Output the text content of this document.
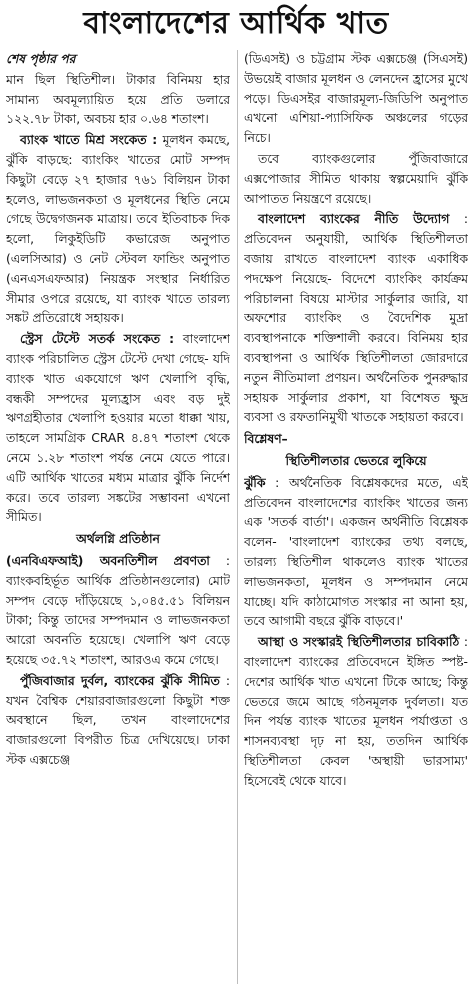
বাংলাদেশের আর্থিক খাত

শেষ পৃষ্ঠার পর

মান ছিল স্থিতিশীল। টাকার বিনিময় হার সামান্য অবমূল্যায়িত হয়ে প্রতি ডলারে ১২২.৭৮ টাকা, অবচয় হার ০.৬৪ শতাংশ।

ব্যাংক খাতে মিশ্র সংকেত : মূলধন কমছে, ঝুঁকি বাড়ছে: ব্যাংকিং খাতের মোট সম্পদ কিছুটা বেড়ে ২৭ হাজার ৭৬১ বিলিয়ন টাকা হলেও, লাভজনকতা ও মূলধনের স্থিতি নেমে গেছে উদ্বেগজনক মাত্রায়। তবে ইতিবাচক দিক হলো, লিকুইডিটি কভারেজ অনুপাত (এলসিআর) ও নেট স্টেবল ফান্ডিং অনুপাত (এনএসএফআর) নিয়ন্ত্রক সংস্থার নির্ধারিত সীমার ওপরে রয়েছে, যা ব্যাংক খাতে তারল্য সঙ্কট প্রতিরোধে সহায়ক।

স্ট্রেস টেস্টে সতর্ক সংকেত : বাংলাদেশ ব্যাংক পরিচালিত স্ট্রেস টেস্টে দেখা গেছে- যদি ব্যাংক খাত একযোগে ঋণ খেলাপি বৃদ্ধি, বন্ধকী সম্পদের মূল্যহ্রাস এবং বড় দুই ঋণগ্রহীতার খেলাপি হওয়ার মতো ধাক্কা খায়, তাহলে সামগ্রিক CRAR ৪.৪৭ শতাংশ থেকে নেমে ১.২৮ শতাংশ পর্যন্ত নেমে যেতে পারে। এটি আর্থিক খাতের মধ্যম মাত্রার ঝুঁকি নির্দেশ করে। তবে তারল্য সঙ্কটের সম্ভাবনা এখনো সীমিত।

অর্থলগ্নি প্রতিষ্ঠান

(এনবিএফআই) অবনতিশীল প্রবণতা : ব্যাংকবহির্ভূত আর্থিক প্রতিষ্ঠানগুলোর) মোট সম্পদ বেড়ে দাঁড়িয়েছে ১,০৪৫.৫১ বিলিয়ন টাকা; কিন্তু তাদের সম্পদমান ও লাভজনকতা আরো অবনতি হয়েছে। খেলাপি ঋণ বেড়ে হয়েছে ৩৫.৭২ শতাংশ, আরওএ কমে গেছে।

পুঁজিবাজার দুর্বল, ব্যাংকের ঝুঁকি সীমিত : যখন বৈশ্বিক শেয়ারবাজারগুলো কিছুটা শক্ত অবস্থানে ছিল, তখন বাংলাদেশের বাজারগুলো বিপরীত চিত্র দেখিয়েছে। ঢাকা স্টক এক্সচেঞ্জ

(ডিএসই) ও চট্টগ্রাম স্টক এক্সচেঞ্জ (সিএসই) উভয়েই বাজার মূলধন ও লেনদেন হ্রাসের মুখে পড়ে। ডিএসইর বাজারমূল্য-জিডিপি অনুপাত এখনো এশিয়া-প্যাসিফিক অঞ্চলের গড়ের নিচে।

তবে ব্যাংকগুলোর পুঁজিবাজারে এক্সপোজার সীমিত থাকায় স্বল্পমেয়াদি ঝুঁকি আপাতত নিয়ন্ত্রণে রয়েছে।

বাংলাদেশ ব্যাংকের নীতি উদ্যোগ : প্রতিবেদন অনুযায়ী, আর্থিক স্থিতিশীলতা বজায় রাখতে বাংলাদেশ ব্যাংক একাধিক পদক্ষেপ নিয়েছে- বিদেশে ব্যাংকিং কার্যক্রম পরিচালনা বিষয়ে মাস্টার সার্কুলার জারি, যা অফশোর ব্যাংকিং ও বৈদেশিক মুদ্রা ব্যবস্থাপনাকে শক্তিশালী করবে। বিনিময় হার ব্যবস্থাপনা ও আর্থিক স্থিতিশীলতা জোরদারে নতুন নীতিমালা প্রণয়ন। অর্থনৈতিক পুনরুদ্ধার সহায়ক সার্কুলার প্রকাশ, যা বিশেষত ক্ষুদ্র ব্যবসা ও রফতানিমুখী খাতকে সহায়তা করবে।

বিশ্লেষণ–
স্থিতিশীলতার ভেতরে লুকিয়ে

ঝুঁকি : অর্থনৈতিক বিশ্লেষকদের মতে, এই প্রতিবেদন বাংলাদেশের ব্যাংকিং খাতের জন্য এক 'সতর্ক বার্তা'। একজন অর্থনীতি বিশ্লেষক বলেন- 'বাংলাদেশ ব্যাংকের তথ্য বলছে, তারল্য স্থিতিশীল থাকলেও ব্যাংক খাতের লাভজনকতা, মূলধন ও সম্পদমান নেমে যাচ্ছে। যদি কাঠামোগত সংস্কার না আনা হয়, তবে আগামী বছরে ঝুঁকি বাড়বে।'

আস্থা ও সংস্কারই স্থিতিশীলতার চাবিকাঠি : বাংলাদেশ ব্যাংকের প্রতিবেদনে ইঙ্গিত স্পষ্ট- দেশের আর্থিক খাত এখনো টিকে আছে; কিন্তু ভেতরে জমে আছে গঠনমূলক দুর্বলতা। যত দিন পর্যন্ত ব্যাংক খাতের মূলধন পর্যাপ্ততা ও শাসনব্যবস্থা দৃঢ় না হয়, ততদিন আর্থিক স্থিতিশীলতা কেবল 'অস্থায়ী ভারসাম্য' হিসেবেই থেকে যাবে।
